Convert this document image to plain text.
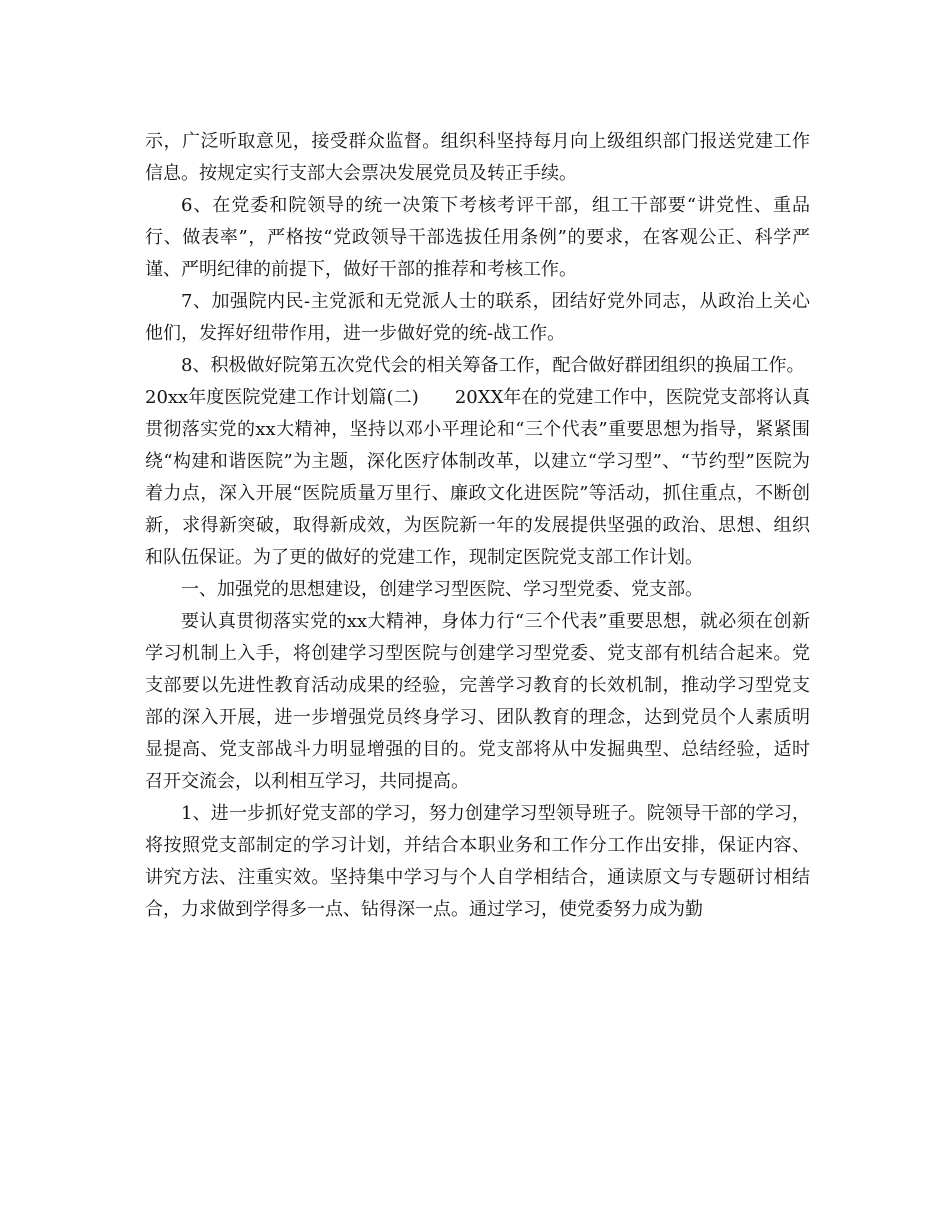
示，广泛听取意见，接受群众监督。组织科坚持每月向上级组织部门报送党建工作信息。按规定实行支部大会票决发展党员及转正手续。

6、在党委和院领导的统一决策下考核考评干部，组工干部要“讲党性、重品行、做表率”，严格按“党政领导干部选拔任用条例”的要求，在客观公正、科学严谨、严明纪律的前提下，做好干部的推荐和考核工作。

7、加强院内民-主党派和无党派人士的联系，团结好党外同志，从政治上关心他们，发挥好纽带作用，进一步做好党的统-战工作。

8、积极做好院第五次党代会的相关筹备工作，配合做好群团组织的换届工作。

20xx年度医院党建工作计划篇(二)　　20XX年在的党建工作中，医院党支部将认真贯彻落实党的xx大精神，坚持以邓小平理论和“三个代表”重要思想为指导，紧紧围绕“构建和谐医院”为主题，深化医疗体制改革，以建立“学习型”、“节约型”医院为着力点，深入开展“医院质量万里行、廉政文化进医院”等活动，抓住重点，不断创新，求得新突破，取得新成效，为医院新一年的发展提供坚强的政治、思想、组织和队伍保证。为了更的做好的党建工作，现制定医院党支部工作计划。

一、加强党的思想建设，创建学习型医院、学习型党委、党支部。

要认真贯彻落实党的xx大精神，身体力行“三个代表”重要思想，就必须在创新学习机制上入手，将创建学习型医院与创建学习型党委、党支部有机结合起来。党支部要以先进性教育活动成果的经验，完善学习教育的长效机制，推动学习型党支部的深入开展，进一步增强党员终身学习、团队教育的理念，达到党员个人素质明显提高、党支部战斗力明显增强的目的。党支部将从中发掘典型、总结经验，适时召开交流会，以利相互学习，共同提高。

1、进一步抓好党支部的学习，努力创建学习型领导班子。院领导干部的学习，将按照党支部制定的学习计划，并结合本职业务和工作分工作出安排，保证内容、讲究方法、注重实效。坚持集中学习与个人自学相结合，通读原文与专题研讨相结合，力求做到学得多一点、钻得深一点。通过学习，使党委努力成为勤
